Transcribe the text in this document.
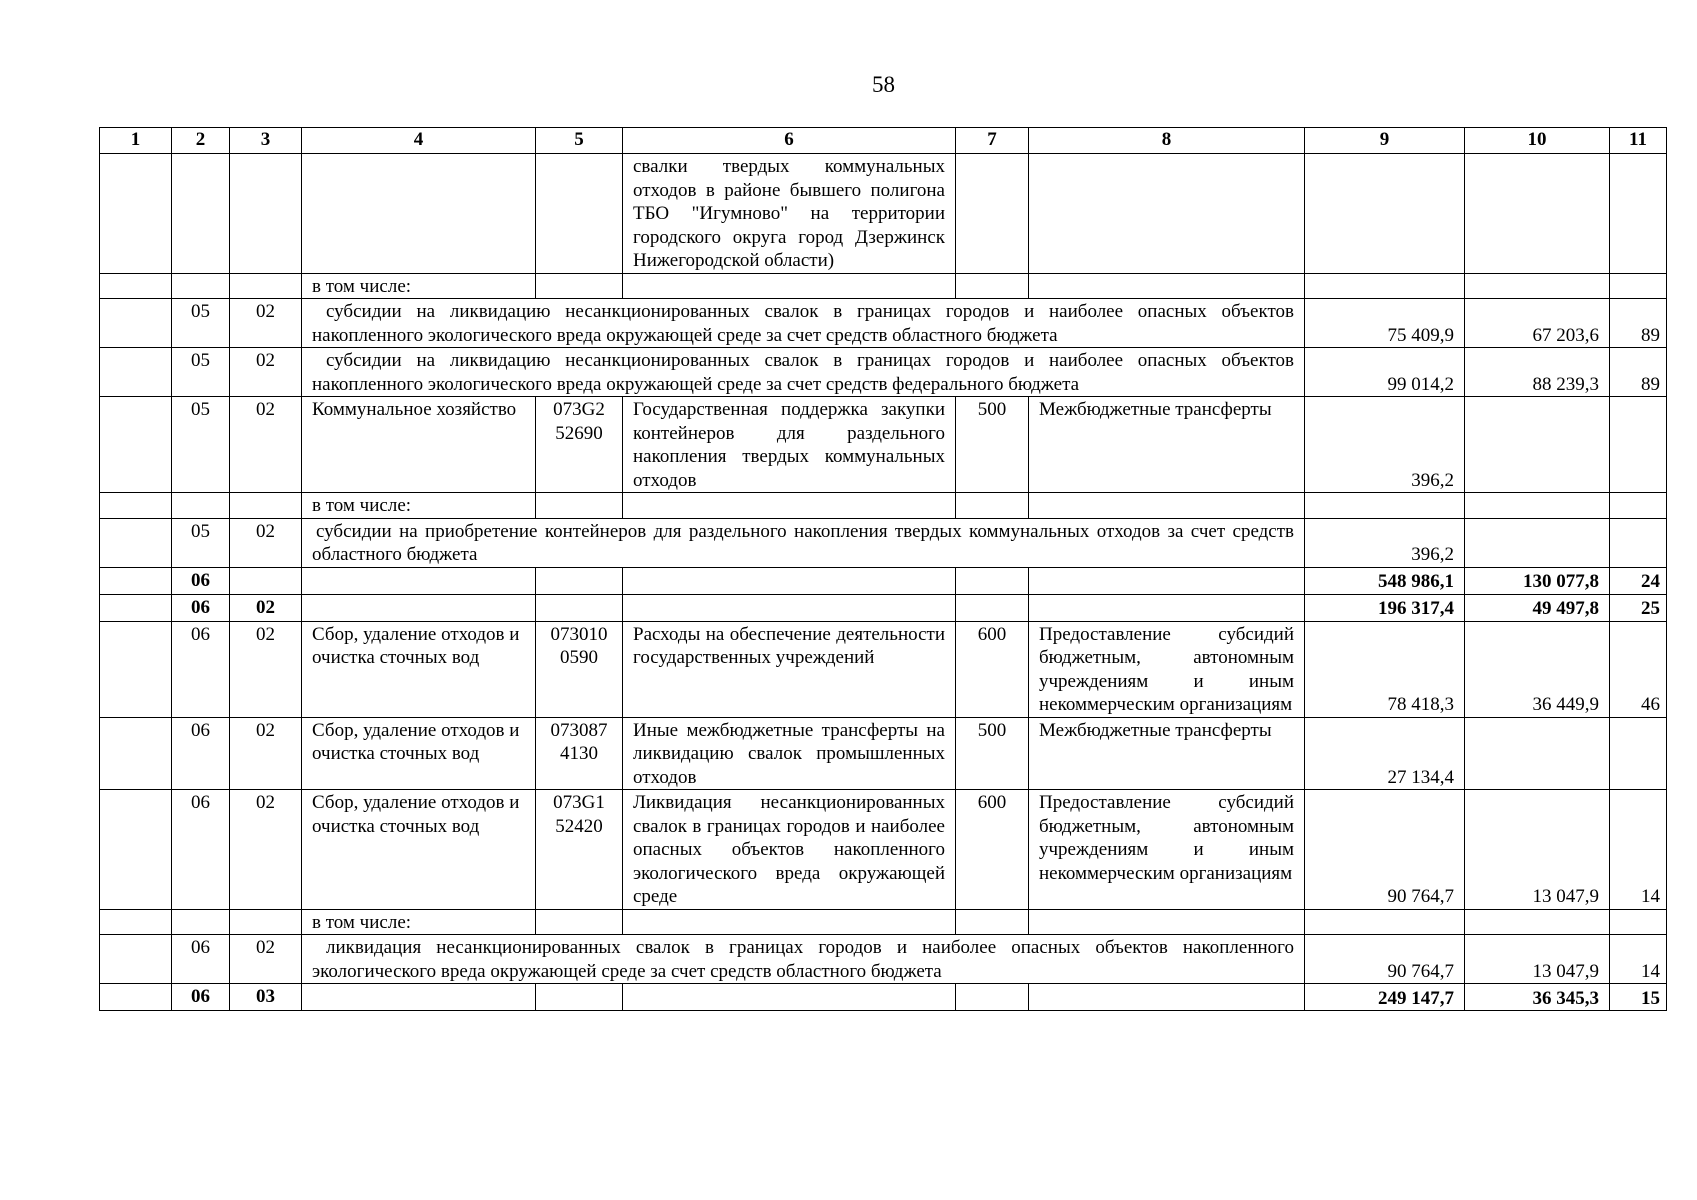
58
1	2	3	4	5	6	7	8	9	10	11
					свалки твердых коммунальных отходов в районе бывшего полигона ТБО "Игумново" на территории городского округа город Дзержинск Нижегородской области)					
			в том числе:							
	05	02	субсидии на ликвидацию несанкционированных свалок в границах городов и наиболее опасных объектов накопленного экологического вреда окружающей среде за счет средств областного бюджета					75 409,9	67 203,6	89
	05	02	субсидии на ликвидацию несанкционированных свалок в границах городов и наиболее опасных объектов накопленного экологического вреда окружающей среде за счет средств федерального бюджета					99 014,2	88 239,3	89
	05	02	Коммунальное хозяйство	073G2 52690	Государственная поддержка закупки контейнеров для раздельного накопления твердых коммунальных отходов	500	Межбюджетные трансферты	396,2		
			в том числе:							
	05	02	субсидии на приобретение контейнеров для раздельного накопления твердых коммунальных отходов за счет средств областного бюджета					396,2		
	06							548 986,1	130 077,8	24
	06	02						196 317,4	49 497,8	25
	06	02	Сбор, удаление отходов и очистка сточных вод	073010 0590	Расходы на обеспечение деятельности государственных учреждений	600	Предоставление субсидий бюджетным, автономным учреждениям и иным некоммерческим организациям	78 418,3	36 449,9	46
	06	02	Сбор, удаление отходов и очистка сточных вод	073087 4130	Иные межбюджетные трансферты на ликвидацию свалок промышленных отходов	500	Межбюджетные трансферты	27 134,4		
	06	02	Сбор, удаление отходов и очистка сточных вод	073G1 52420	Ликвидация несанкционированных свалок в границах городов и наиболее опасных объектов накопленного экологического вреда окружающей среде	600	Предоставление субсидий бюджетным, автономным учреждениям и иным некоммерческим организациям	90 764,7	13 047,9	14
			в том числе:							
	06	02	ликвидация несанкционированных свалок в границах городов и наиболее опасных объектов накопленного экологического вреда окружающей среде за счет средств областного бюджета					90 764,7	13 047,9	14
	06	03						249 147,7	36 345,3	15
